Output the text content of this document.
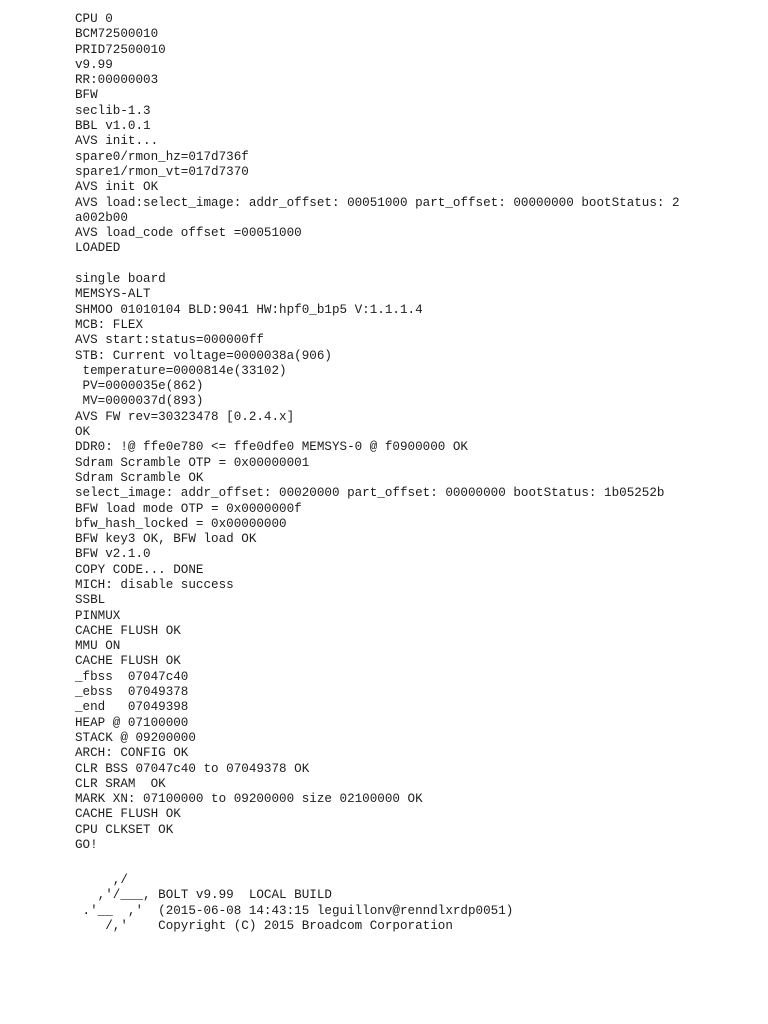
CPU 0
BCM72500010
PRID72500010
v9.99
RR:00000003
BFW
seclib-1.3
BBL v1.0.1
AVS init...
spare0/rmon_hz=017d736f
spare1/rmon_vt=017d7370
AVS init OK
AVS load:select_image: addr_offset: 00051000 part_offset: 00000000 bootStatus: 2
a002b00
AVS load_code offset =00051000
LOADED
single board
MEMSYS-ALT
SHMOO 01010104 BLD:9041 HW:hpf0_b1p5 V:1.1.1.4
MCB: FLEX
AVS start:status=000000ff
STB: Current voltage=0000038a(906)
temperature=0000814e(33102)
PV=0000035e(862)
MV=0000037d(893)
AVS FW rev=30323478 [0.2.4.x]
OK
DDR0: !@ ffe0e780 <= ffe0dfe0 MEMSYS-0 @ f0900000 OK
Sdram Scramble OTP = 0x00000001
Sdram Scramble OK
select_image: addr_offset: 00020000 part_offset: 00000000 bootStatus: 1b05252b
BFW load mode OTP = 0x0000000f
bfw_hash_locked = 0x00000000
BFW key3 OK, BFW load OK
BFW v2.1.0
COPY CODE... DONE
MICH: disable success
SSBL
PINMUX
CACHE FLUSH OK
MMU ON
CACHE FLUSH OK
_fbss  07047c40
_ebss  07049378
_end   07049398
HEAP @ 07100000
STACK @ 09200000
ARCH: CONFIG OK
CLR BSS 07047c40 to 07049378 OK
CLR SRAM  OK
MARK XN: 07100000 to 09200000 size 02100000 OK
CACHE FLUSH OK
CPU CLKSET OK
GO!
,/
,'/___, BOLT v9.99  LOCAL BUILD
.'__  ,'  (2015-06-08 14:43:15 leguillonv@renndlxrdp0051)
/,'    Copyright (C) 2015 Broadcom Corporation
